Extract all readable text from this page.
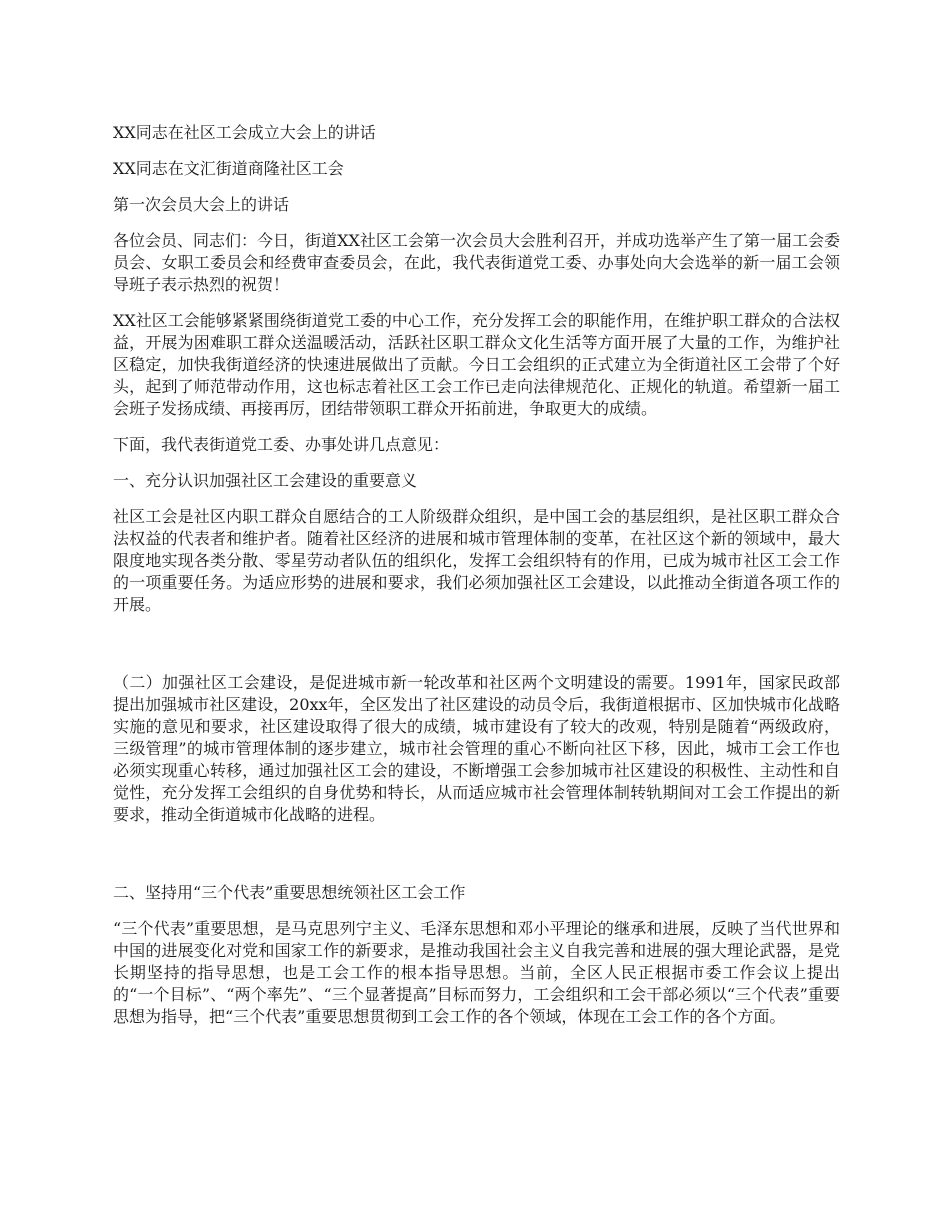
XX同志在社区工会成立大会上的讲话

XX同志在文汇街道商隆社区工会

第一次会员大会上的讲话

各位会员、同志们：今日，街道XX社区工会第一次会员大会胜利召开，并成功选举产生了第一届工会委员会、女职工委员会和经费审查委员会，在此，我代表街道党工委、办事处向大会选举的新一届工会领导班子表示热烈的祝贺！

XX社区工会能够紧紧围绕街道党工委的中心工作，充分发挥工会的职能作用，在维护职工群众的合法权益，开展为困难职工群众送温暖活动，活跃社区职工群众文化生活等方面开展了大量的工作，为维护社区稳定，加快我街道经济的快速进展做出了贡献。今日工会组织的正式建立为全街道社区工会带了个好头，起到了师范带动作用，这也标志着社区工会工作已走向法律规范化、正规化的轨道。希望新一届工会班子发扬成绩、再接再厉，团结带领职工群众开拓前进，争取更大的成绩。

下面，我代表街道党工委、办事处讲几点意见：

一、充分认识加强社区工会建设的重要意义

社区工会是社区内职工群众自愿结合的工人阶级群众组织，是中国工会的基层组织，是社区职工群众合法权益的代表者和维护者。随着社区经济的进展和城市管理体制的变革，在社区这个新的领域中，最大限度地实现各类分散、零星劳动者队伍的组织化，发挥工会组织特有的作用，已成为城市社区工会工作的一项重要任务。为适应形势的进展和要求，我们必须加强社区工会建设，以此推动全街道各项工作的开展。

（二）加强社区工会建设，是促进城市新一轮改革和社区两个文明建设的需要。1991年，国家民政部提出加强城市社区建设，20xx年，全区发出了社区建设的动员令后，我街道根据市、区加快城市化战略实施的意见和要求，社区建设取得了很大的成绩，城市建设有了较大的改观，特别是随着“两级政府，三级管理”的城市管理体制的逐步建立，城市社会管理的重心不断向社区下移，因此，城市工会工作也必须实现重心转移，通过加强社区工会的建设，不断增强工会参加城市社区建设的积极性、主动性和自觉性，充分发挥工会组织的自身优势和特长，从而适应城市社会管理体制转轨期间对工会工作提出的新要求，推动全街道城市化战略的进程。

二、坚持用“三个代表”重要思想统领社区工会工作

“三个代表”重要思想，是马克思列宁主义、毛泽东思想和邓小平理论的继承和进展，反映了当代世界和中国的进展变化对党和国家工作的新要求，是推动我国社会主义自我完善和进展的强大理论武器，是党长期坚持的指导思想，也是工会工作的根本指导思想。当前，全区人民正根据市委工作会议上提出的“一个目标”、“两个率先”、“三个显著提高”目标而努力，工会组织和工会干部必须以“三个代表”重要思想为指导，把“三个代表”重要思想贯彻到工会工作的各个领域，体现在工会工作的各个方面。
